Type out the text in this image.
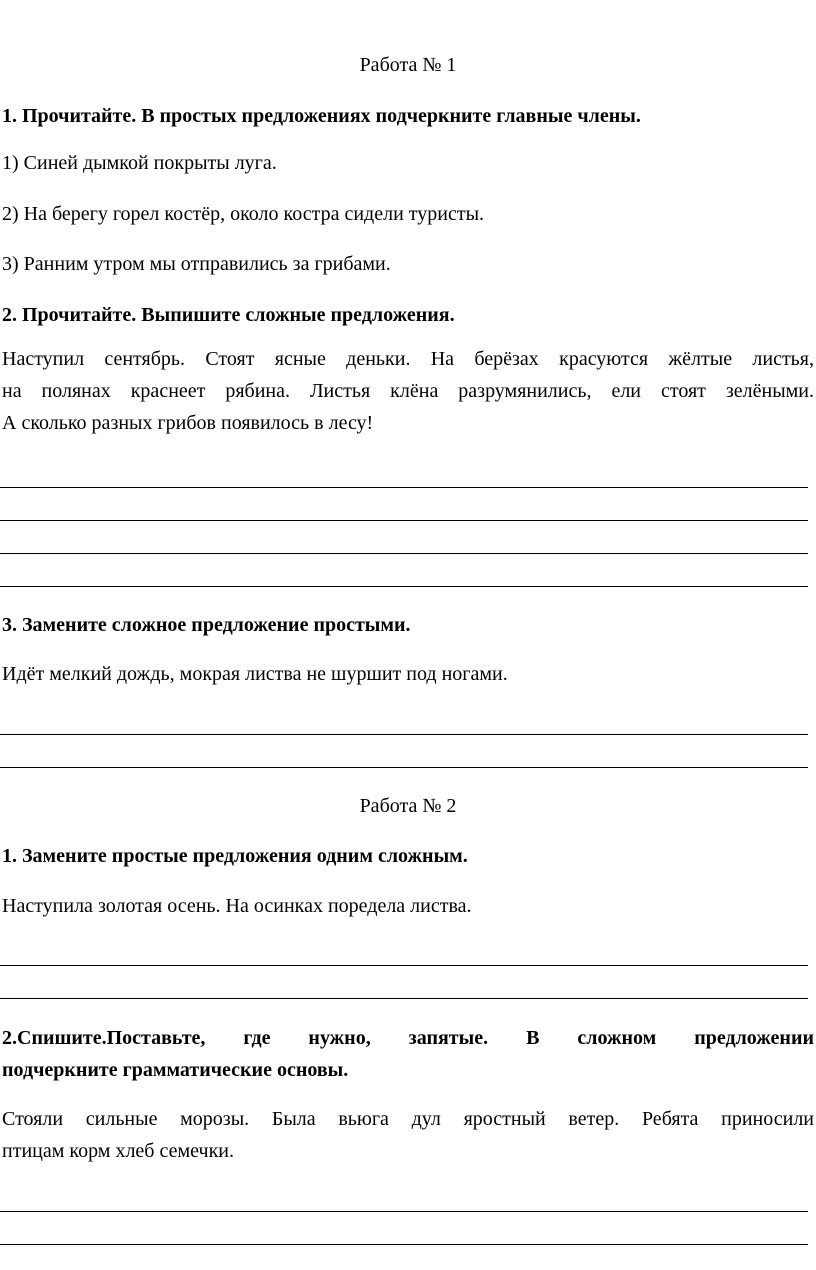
Работа № 1
1. Прочитайте. В простых предложениях подчеркните главные члены.
1) Синей дымкой покрыты луга.
2) На берегу горел костёр, около костра сидели туристы.
3) Ранним утром мы отправились за грибами.
2. Прочитайте. Выпишите сложные предложения.
Наступил сентябрь. Стоят ясные деньки. На берёзах красуются жёлтые листья,
на полянах краснеет рябина. Листья клёна разрумянились, ели стоят зелёными.
А сколько разных грибов появилось в лесу!
3. Замените сложное предложение простыми.
Идёт мелкий дождь, мокрая листва не шуршит под ногами.
Работа № 2
1. Замените простые предложения одним сложным.
Наступила золотая осень. На осинках поредела листва.
2.Спишите.Поставьте, где нужно, запятые. В сложном предложении
подчеркните грамматические основы.
Стояли сильные морозы. Была вьюга дул яростный ветер. Ребята приносили
птицам корм хлеб семечки.
